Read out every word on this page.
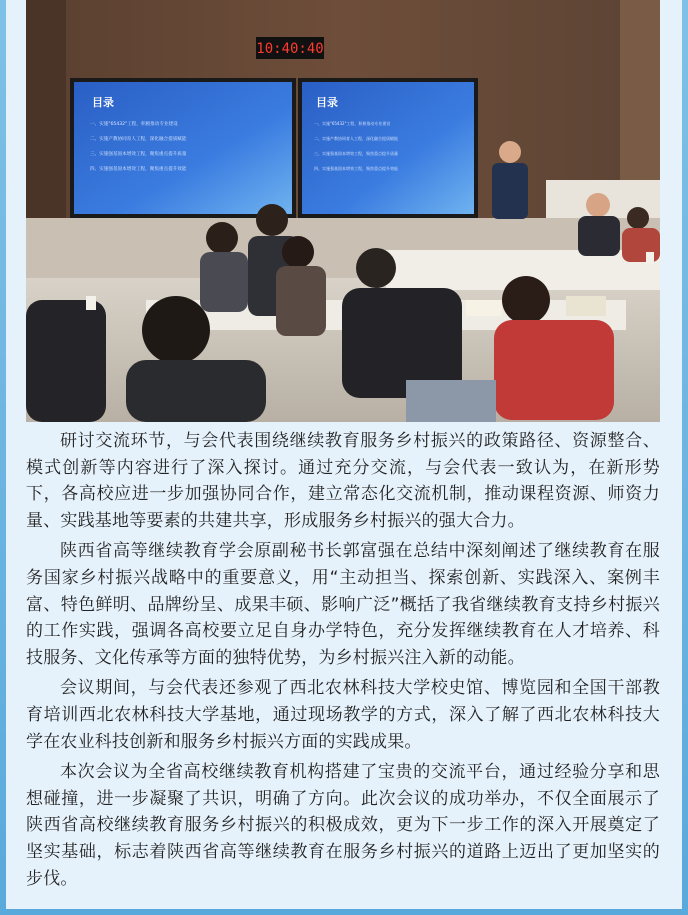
10:40:40
目录
一、实施"65432"工程，积极推动专业建设
二、实施产教协同育人工程，深化融合提质赋能
三、实施强基固本增效工程，聚焦重点提升质量
四、实施强基固本增效工程，聚焦重点提升效能
目录
一、实施"65432"工程，积极推动专业建设
二、实施产教协同育人工程，深化融合提质赋能
三、实施强基固本增效工程，聚焦重点提升质量
四、实施强基固本增效工程，聚焦重点提升效能

研讨交流环节，与会代表围绕继续教育服务乡村振兴的政策路径、资源整合、模式创新等内容进行了深入探讨。通过充分交流，与会代表一致认为，在新形势下，各高校应进一步加强协同合作，建立常态化交流机制，推动课程资源、师资力量、实践基地等要素的共建共享，形成服务乡村振兴的强大合力。

陕西省高等继续教育学会原副秘书长郭富强在总结中深刻阐述了继续教育在服务国家乡村振兴战略中的重要意义，用“主动担当、探索创新、实践深入、案例丰富、特色鲜明、品牌纷呈、成果丰硕、影响广泛”概括了我省继续教育支持乡村振兴的工作实践，强调各高校要立足自身办学特色，充分发挥继续教育在人才培养、科技服务、文化传承等方面的独特优势，为乡村振兴注入新的动能。

会议期间，与会代表还参观了西北农林科技大学校史馆、博览园和全国干部教育培训西北农林科技大学基地，通过现场教学的方式，深入了解了西北农林科技大学在农业科技创新和服务乡村振兴方面的实践成果。

本次会议为全省高校继续教育机构搭建了宝贵的交流平台，通过经验分享和思想碰撞，进一步凝聚了共识，明确了方向。此次会议的成功举办，不仅全面展示了陕西省高校继续教育服务乡村振兴的积极成效，更为下一步工作的深入开展奠定了坚实基础，标志着陕西省高等继续教育在服务乡村振兴的道路上迈出了更加坚实的步伐。
